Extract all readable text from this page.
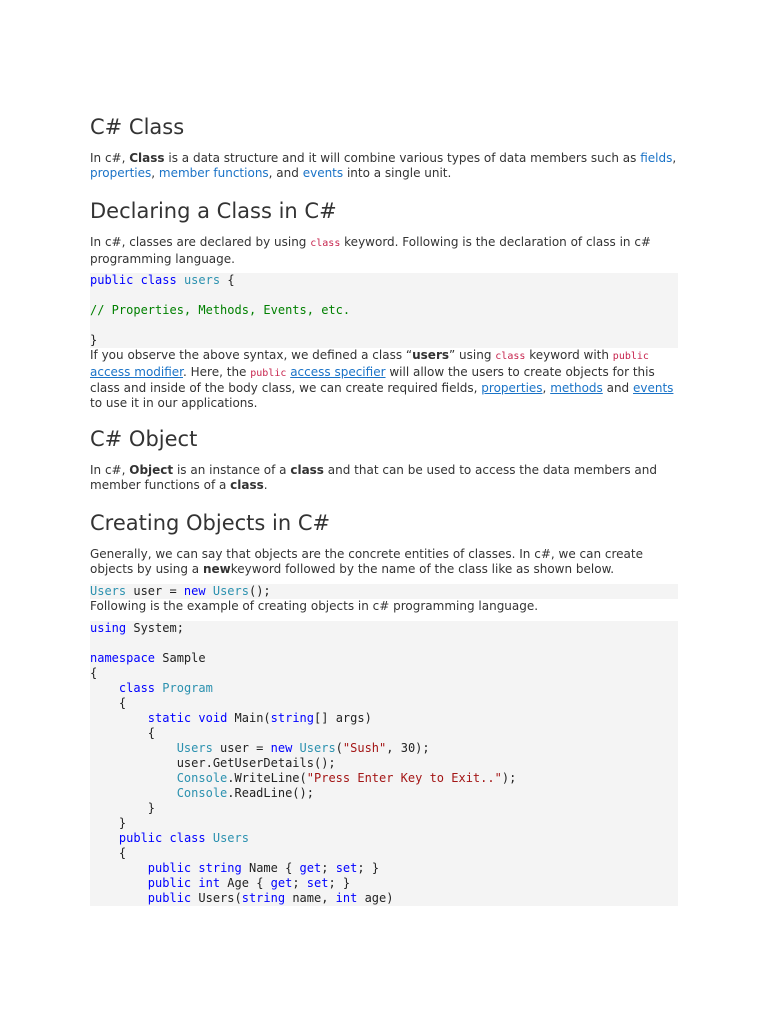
C# Class

In c#, Class is a data structure and it will combine various types of data members such as fields, properties, member functions, and events into a single unit.

Declaring a Class in C#

In c#, classes are declared by using class keyword. Following is the declaration of class in c# programming language.

public class users {

// Properties, Methods, Events, etc.

}

If you observe the above syntax, we defined a class “users” using class keyword with public access modifier. Here, the public access specifier will allow the users to create objects for this class and inside of the body class, we can create required fields, properties, methods and events to use it in our applications.

C# Object

In c#, Object is an instance of a class and that can be used to access the data members and member functions of a class.

Creating Objects in C#

Generally, we can say that objects are the concrete entities of classes. In c#, we can create objects by using a newkeyword followed by the name of the class like as shown below.

Users user = new Users();

Following is the example of creating objects in c# programming language.

using System;

namespace Sample
{
class Program
{
static void Main(string[] args)
{
Users user = new Users("Sush", 30);
user.GetUserDetails();
Console.WriteLine("Press Enter Key to Exit..");
Console.ReadLine();
}
}
public class Users
{
public string Name { get; set; }
public int Age { get; set; }
public Users(string name, int age)
